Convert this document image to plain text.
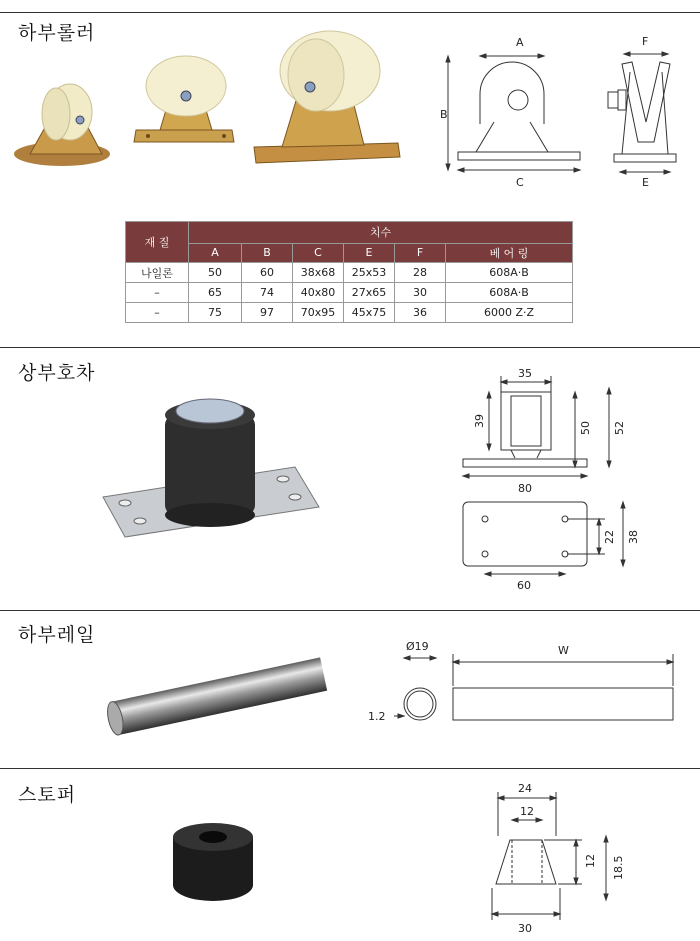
하부롤러	A
B
C
F
E
재 질	치수					
	A	B	C	E	F	베 어 링
나일론	50	60	38x68	25x53	28	608A·B
–	65	74	40x80	27x65	30	608A·B
–	75	97	70x95	45x75	36	6000 Z·Z
상부호차	35
39	50 52
80
22 38
60
하부레일
Ø19
1.2
W
스토퍼	24
12
12 18.5
30
